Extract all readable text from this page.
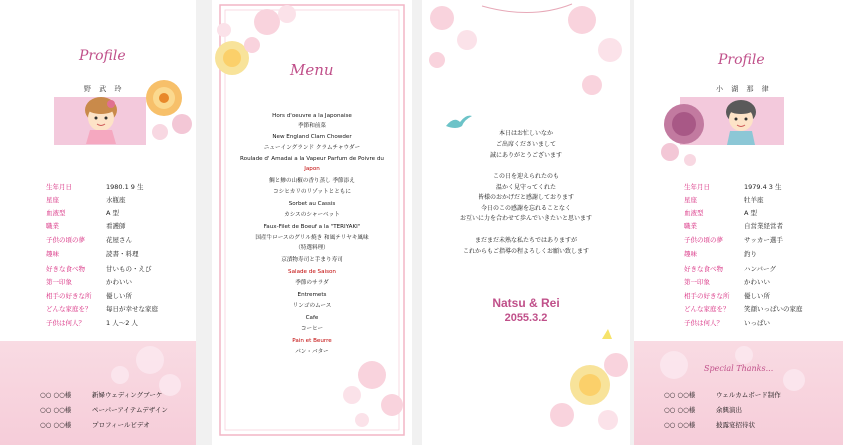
Profile
野 武 玲
生年月日	1980.1 9 生
星座	水瓶座
血液型	A 型
職業	看護師
子供の頃の夢	花屋さん
趣味	読書・料理
好きな食べ物	甘いもの・えび
第一印象	かわいい
相手の好きな所 優しい所
どんな家庭を？ 毎日が幸せな家庭
子供は何人？	1 人～2 人
○○ ○○様	新婦ウェディングブーケ
○○ ○○様	ペーパーアイテムデザイン
○○ ○○様	プロフィールビデオ
Menu
Hors d'oeuvre a la Japonaise
季節和前菜
New England Clam Chowder
ニューイングランド クラムチャウダー
Roulade d' Amadai a la Vapeur Parfum de Poivre du
Japon
鯛と鯵の山椒の香り蒸し 季節添え
コシヒカリのリゾットとともに
Sorbet au Cassis
カシスのシャーベット
Faux-Filet de Boeuf a la "TERIYAKI"
国産牛ロースのグリル焼き 和風テリヤキ風味
（特選料理）
京漬物寿司と手まり寿司
Salade de Saison
季節のサラダ
Entremets
リンゴのムース
Cafe
コーヒー
Pain et Beurre
パン・バター
本日はお忙しいなか
ご出席くださいまして
誠にありがとうございます
この日を迎えられたのも
温かく見守ってくれた
皆様のおかげだと感謝しております
今日のこの感謝を忘れることなく
お互いに力を合わせて歩んでいきたいと思います
まだまだ未熟な私たちではありますが
これからもご指導の程よろしくお願い致します
Natsu & Rei
2055.3.2
Profile
小 湖 那 律
生年月日	1979.4 3 生
星座	牡羊座
血液型	A 型
職業	自営業経営者
子供の頃の夢	サッカー選手
趣味	釣り
好きな食べ物	ハンバーグ
第一印象	かわいい
相手の好きな所 優しい所
どんな家庭を？ 笑顔いっぱいの家庭
子供は何人？	いっぱい
Special Thanks...
○○ ○○様	ウェルカムボード制作
○○ ○○様	余興演出
○○ ○○様	披露宴招待状
